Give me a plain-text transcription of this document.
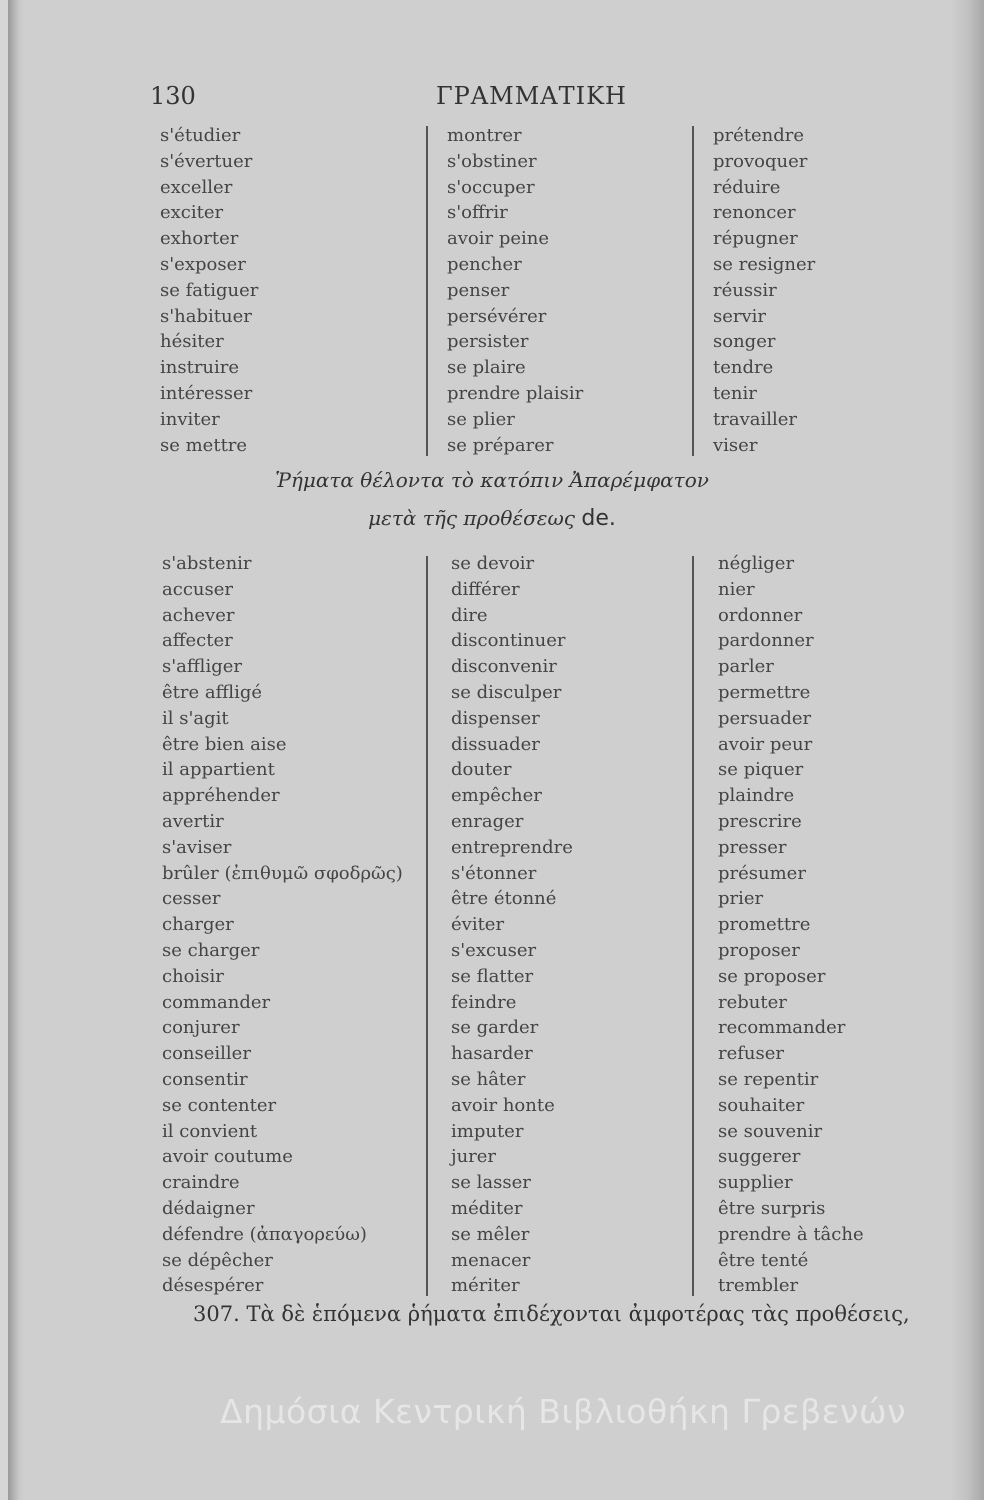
130	ΓΡΑΜΜΑΤΙΚΗ
s'étudier
s'évertuer
exceller
exciter
exhorter
s'exposer
se fatiguer
s'habituer
hésiter
instruire
intéresser
inviter
se mettre
montrer
s'obstiner
s'occuper
s'offrir
avoir peine
pencher
penser
persévérer
persister
se plaire
prendre plaisir
se plier
se préparer
prétendre
provoquer
réduire
renoncer
répugner
se resigner
réussir
servir
songer
tendre
tenir
travailler
viser
Ῥήματα θέλοντα τὸ κατόπιν Ἀπαρέμφατον
μετὰ τῆς προθέσεως de.
s'abstenir
accuser
achever
affecter
s'affliger
être affligé
il s'agit
être bien aise
il appartient
appréhender
avertir
s'aviser
brûler (ἐπιθυμῶ σφοδρῶς)
cesser
charger
se charger
choisir
commander
conjurer
conseiller
consentir
se contenter
il convient
avoir coutume
craindre
dédaigner
défendre (ἀπαγορεύω)
se dépêcher
désespérer
se devoir
différer
dire
discontinuer
disconvenir
se disculper
dispenser
dissuader
douter
empêcher
enrager
entreprendre
s'étonner
être étonné
éviter
s'excuser
se flatter
feindre
se garder
hasarder
se hâter
avoir honte
imputer
jurer
se lasser
méditer
se mêler
menacer
mériter
négliger
nier
ordonner
pardonner
parler
permettre
persuader
avoir peur
se piquer
plaindre
prescrire
presser
présumer
prier
promettre
proposer
se proposer
rebuter
recommander
refuser
se repentir
souhaiter
se souvenir
suggerer
supplier
être surpris
prendre à tâche
être tenté
trembler
307. Τὰ δὲ ἑπόμενα ῥήματα ἐπιδέχονται ἀμφοτέρας τὰς προθέσεις,
Δημόσια Κεντρική Βιβλιοθήκη Γρεβενών
